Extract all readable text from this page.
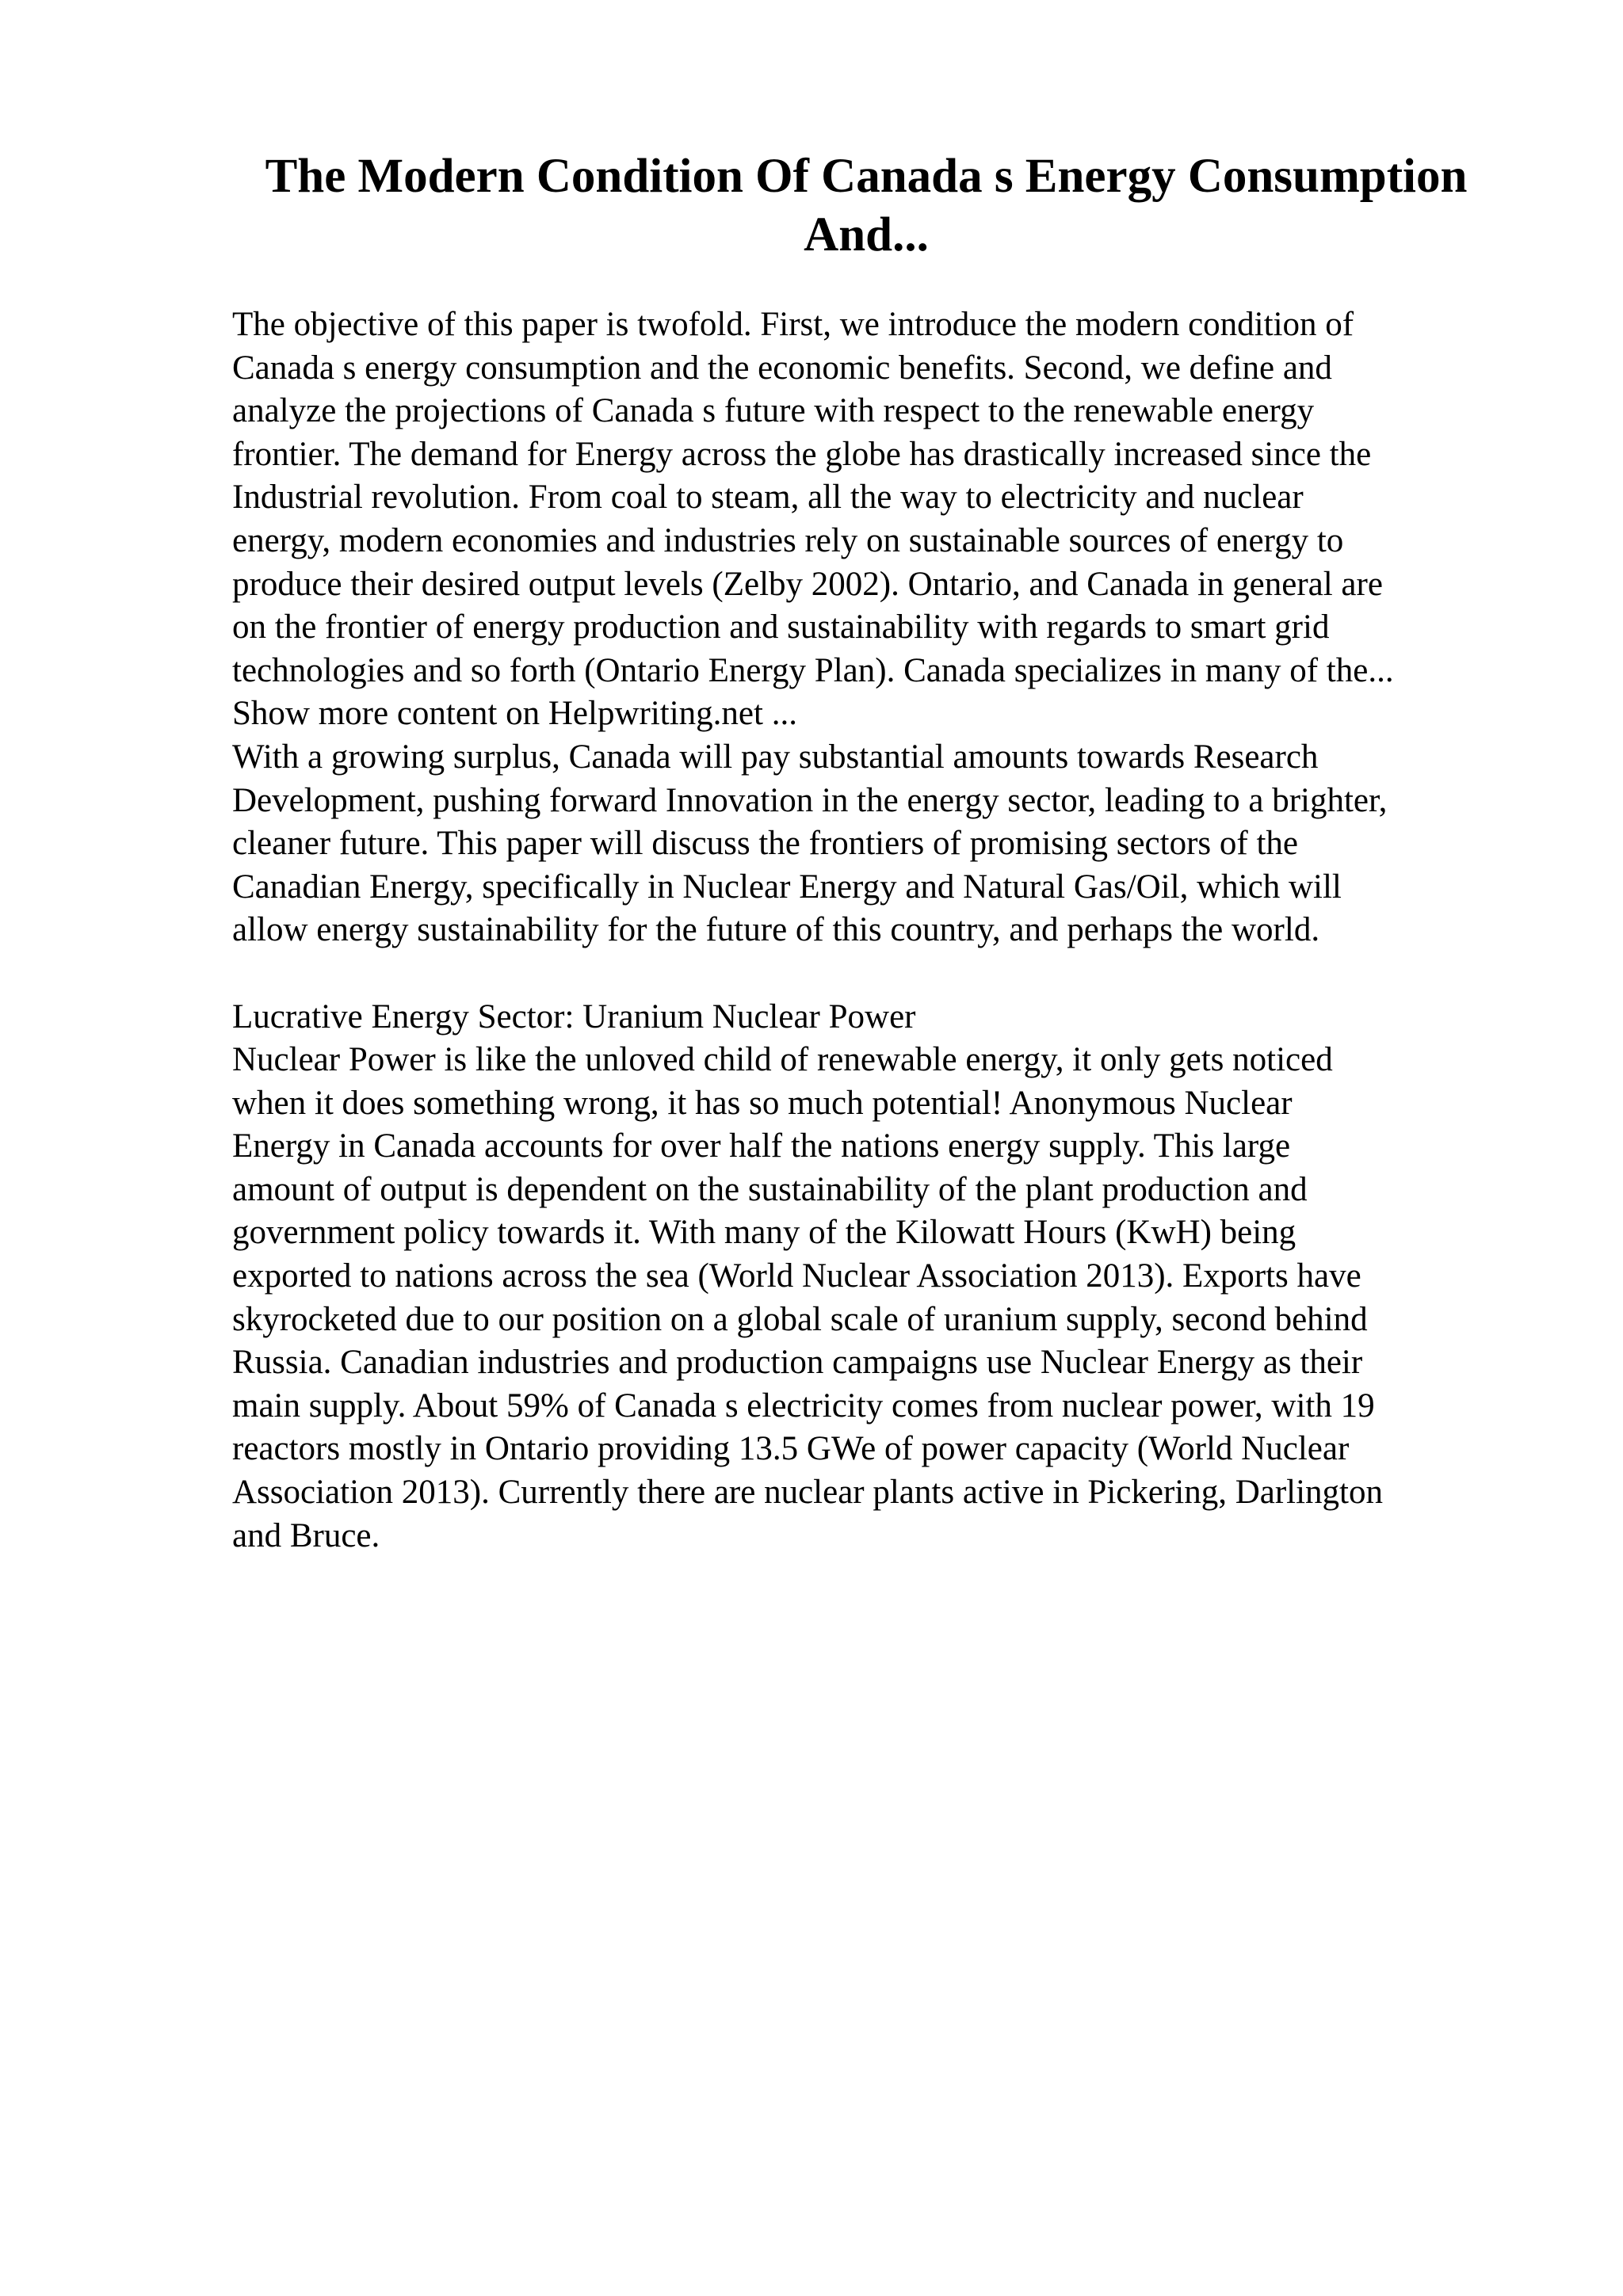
The Modern Condition Of Canada s Energy Consumption
And...
The objective of this paper is twofold. First, we introduce the modern condition of
Canada s energy consumption and the economic benefits. Second, we define and
analyze the projections of Canada s future with respect to the renewable energy
frontier. The demand for Energy across the globe has drastically increased since the
Industrial revolution. From coal to steam, all the way to electricity and nuclear
energy, modern economies and industries rely on sustainable sources of energy to
produce their desired output levels (Zelby 2002). Ontario, and Canada in general are
on the frontier of energy production and sustainability with regards to smart grid
technologies and so forth (Ontario Energy Plan). Canada specializes in many of the...
Show more content on Helpwriting.net ...
With a growing surplus, Canada will pay substantial amounts towards Research
Development, pushing forward Innovation in the energy sector, leading to a brighter,
cleaner future. This paper will discuss the frontiers of promising sectors of the
Canadian Energy, specifically in Nuclear Energy and Natural Gas/Oil, which will
allow energy sustainability for the future of this country, and perhaps the world.
Lucrative Energy Sector: Uranium Nuclear Power
Nuclear Power is like the unloved child of renewable energy, it only gets noticed
when it does something wrong, it has so much potential! Anonymous Nuclear
Energy in Canada accounts for over half the nations energy supply. This large
amount of output is dependent on the sustainability of the plant production and
government policy towards it. With many of the Kilowatt Hours (KwH) being
exported to nations across the sea (World Nuclear Association 2013). Exports have
skyrocketed due to our position on a global scale of uranium supply, second behind
Russia. Canadian industries and production campaigns use Nuclear Energy as their
main supply. About 59% of Canada s electricity comes from nuclear power, with 19
reactors mostly in Ontario providing 13.5 GWe of power capacity (World Nuclear
Association 2013). Currently there are nuclear plants active in Pickering, Darlington
and Bruce.
